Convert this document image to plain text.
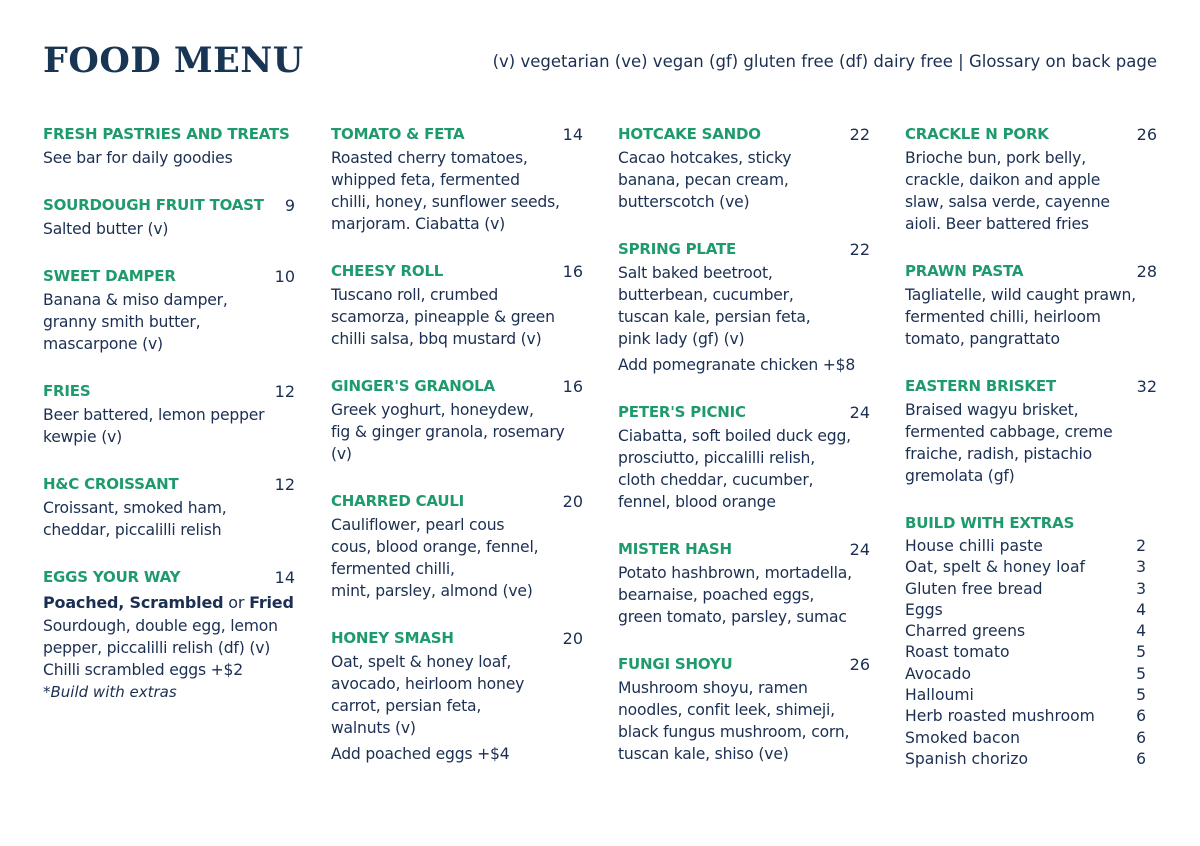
FOOD MENU	(v) vegetarian (ve) vegan (gf) gluten free (df) dairy free | Glossary on back page
FRESH PASTRIES AND TREATS
See bar for daily goodies
SOURDOUGH FRUIT TOAST 9
Salted butter (v)
SWEET DAMPER	10
Banana & miso damper,
granny smith butter,
mascarpone (v)
FRIES	12
Beer battered, lemon pepper
kewpie (v)
H&C CROISSANT	12
Croissant, smoked ham,
cheddar, piccalilli relish
EGGS YOUR WAY	14
Poached, Scrambled or Fried
Sourdough, double egg, lemon
pepper, piccalilli relish (df) (v)
Chilli scrambled eggs +$2
*Build with extras
TOMATO & FETA	14
Roasted cherry tomatoes,
whipped feta, fermented
chilli, honey, sunflower seeds,
marjoram. Ciabatta (v)
CHEESY ROLL	16
Tuscano roll, crumbed
scamorza, pineapple & green
chilli salsa, bbq mustard (v)
GINGER'S GRANOLA	16
Greek yoghurt, honeydew,
fig & ginger granola, rosemary
(v)
CHARRED CAULI	20
Cauliflower, pearl cous
cous, blood orange, fennel,
fermented chilli,
mint, parsley, almond (ve)
HONEY SMASH	20
Oat, spelt & honey loaf,
avocado, heirloom honey
carrot, persian feta,
walnuts (v)
Add poached eggs +$4
HOTCAKE SANDO	22
Cacao hotcakes, sticky
banana, pecan cream,
butterscotch (ve)
SPRING PLATE	22
Salt baked beetroot,
butterbean, cucumber,
tuscan kale, persian feta,
pink lady (gf) (v)
Add pomegranate chicken +$8
PETER'S PICNIC	24
Ciabatta, soft boiled duck egg,
prosciutto, piccalilli relish,
cloth cheddar, cucumber,
fennel, blood orange
MISTER HASH	24
Potato hashbrown, mortadella,
bearnaise, poached eggs,
green tomato, parsley, sumac
FUNGI SHOYU	26
Mushroom shoyu, ramen
noodles, confit leek, shimeji,
black fungus mushroom, corn,
tuscan kale, shiso (ve)
CRACKLE N PORK	26
Brioche bun, pork belly,
crackle, daikon and apple
slaw, salsa verde, cayenne
aioli. Beer battered fries
PRAWN PASTA	28
Tagliatelle, wild caught prawn,
fermented chilli, heirloom
tomato, pangrattato
EASTERN BRISKET	32
Braised wagyu brisket,
fermented cabbage, creme
fraiche, radish, pistachio
gremolata (gf)
BUILD WITH EXTRAS
House chilli paste	2
Oat, spelt & honey loaf	3
Gluten free bread	3
Eggs	4
Charred greens	4
Roast tomato	5
Avocado	5
Halloumi	5
Herb roasted mushroom	6
Smoked bacon	6
Spanish chorizo	6
